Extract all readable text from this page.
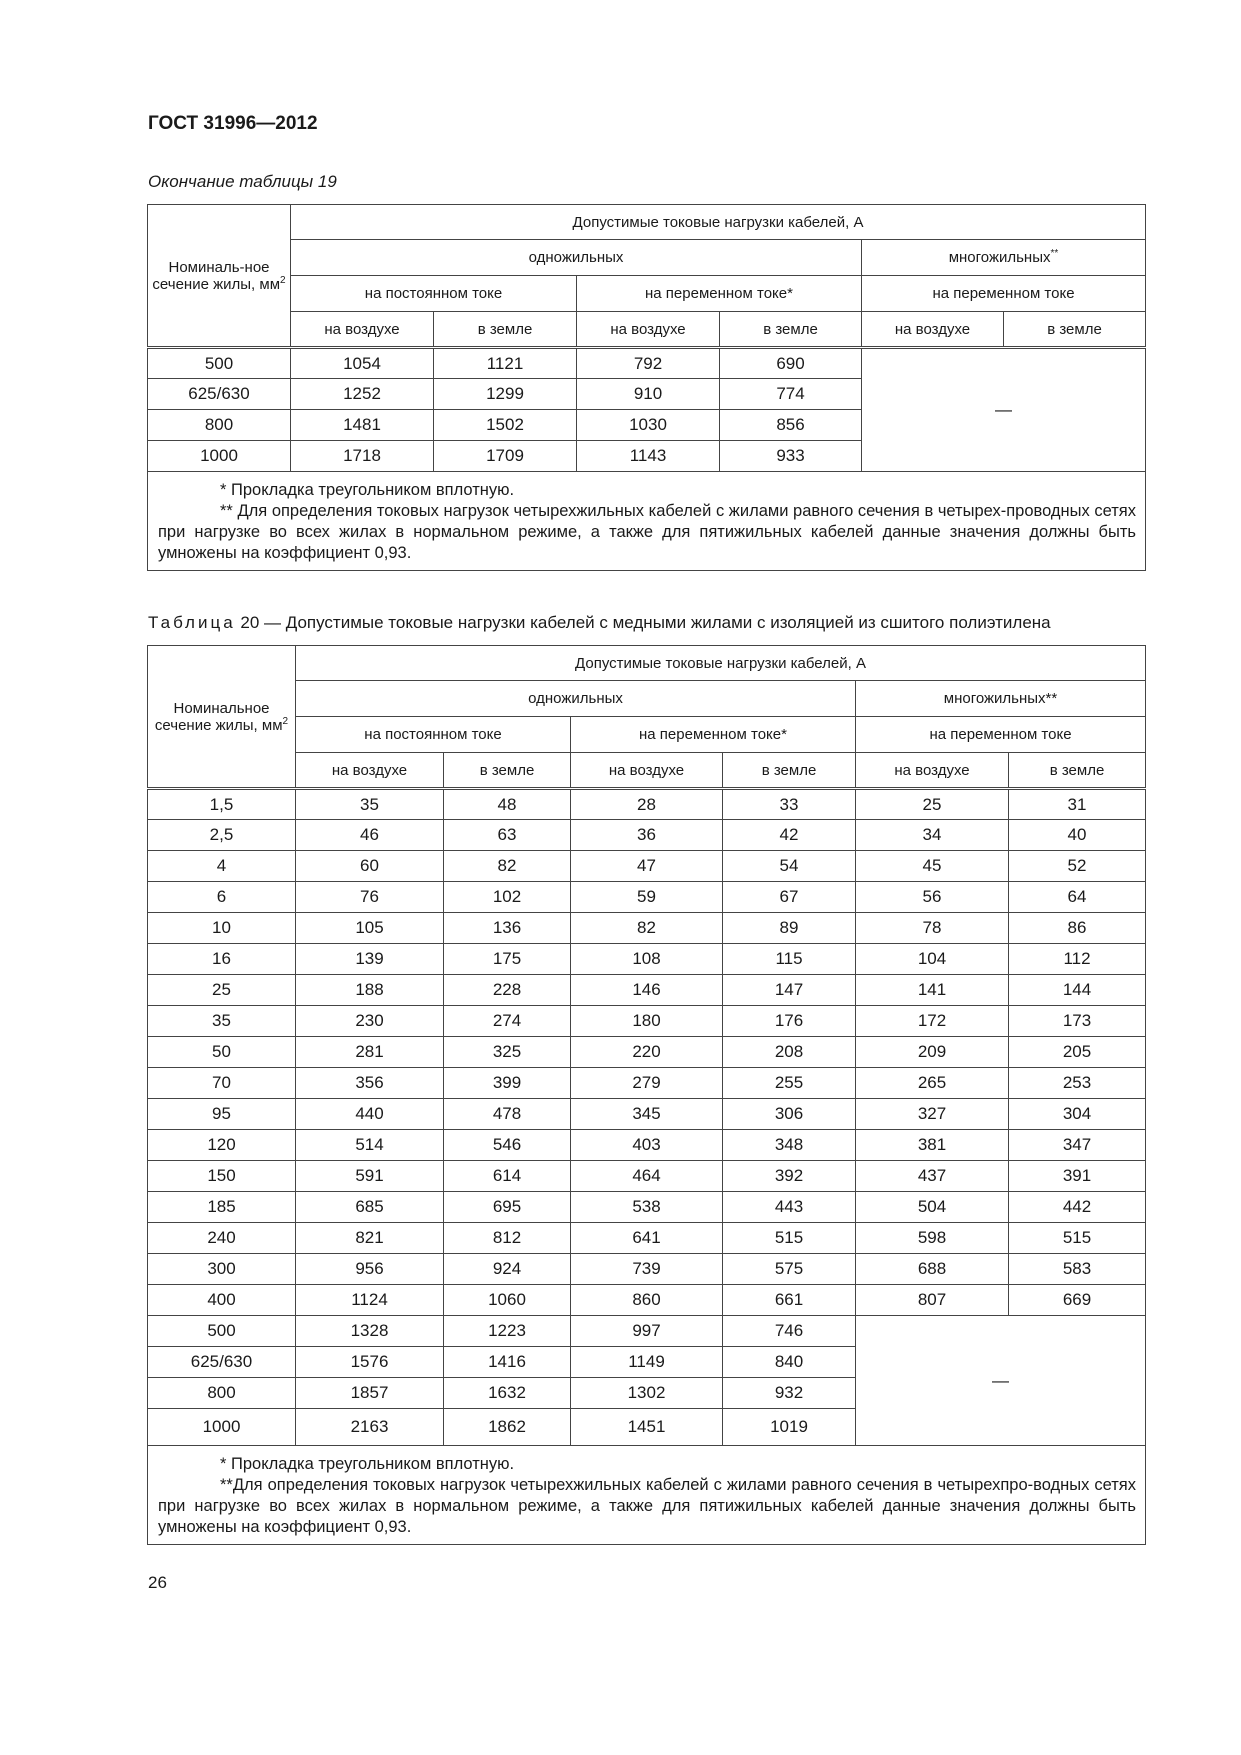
ГОСТ 31996—2012
Окончание таблицы 19
Номиналь-ное сечение жилы, $мм^2$	Допустимые токовые нагрузки кабелей, А					
	одножильных				многожильных**
	на постоянном токе		на переменном токе*		на переменном токе	
	на воздухе	в земле	на воздухе	в земле	на воздухе	в земле
500	1054	1121	792	690	—	
625/630	1252	1299	910	774		
800	1481	1502	1030	856		
1000	1718	1709	1143	933		
* Прокладка треугольником вплотную.
** Для определения токовых нагрузок четырехжильных кабелей с жилами равного сечения в четырех-проводных сетях при нагрузке во всех жилах в нормальном режиме, а также для пятижильных кабелей данные значения должны быть умножены на коэффициент 0,93.						
Таблица 20 — Допустимые токовые нагрузки кабелей с медными жилами с изоляцией из сшитого полиэтилена
Номинальное сечение жилы, $мм^2$	Допустимые токовые нагрузки кабелей, А					
	одножильных				многожильных**	
	на постоянном токе		на переменном токе*		на переменном токе	
	на воздухе	в земле	на воздухе	в земле	на воздухе	в земле
1,5	35	48	28	33	25	31
2,5	46	63	36	42	34	40
4	60	82	47	54	45	52
6	76	102	59	67	56	64
10	105	136	82	89	78	86
16	139	175	108	115	104	112
25	188	228	146	147	141	144
35	230	274	180	176	172	173
50	281	325	220	208	209	205
70	356	399	279	255	265	253
95	440	478	345	306	327	304
120	514	546	403	348	381	347
150	591	614	464	392	437	391
185	685	695	538	443	504	442
240	821	812	641	515	598	515
300	956	924	739	575	688	583
400	1124	1060	860	661	807	669
500	1328	1223	997	746	—	
625/630	1576	1416	1149	840		
800	1857	1632	1302	932		
1000	2163	1862	1451	1019		
* Прокладка треугольником вплотную.
**Для определения токовых нагрузок четырехжильных кабелей с жилами равного сечения в четырехпро-водных сетях при нагрузке во всех жилах в нормальном режиме, а также для пятижильных кабелей данные значения должны быть умножены на коэффициент 0,93.						
26
